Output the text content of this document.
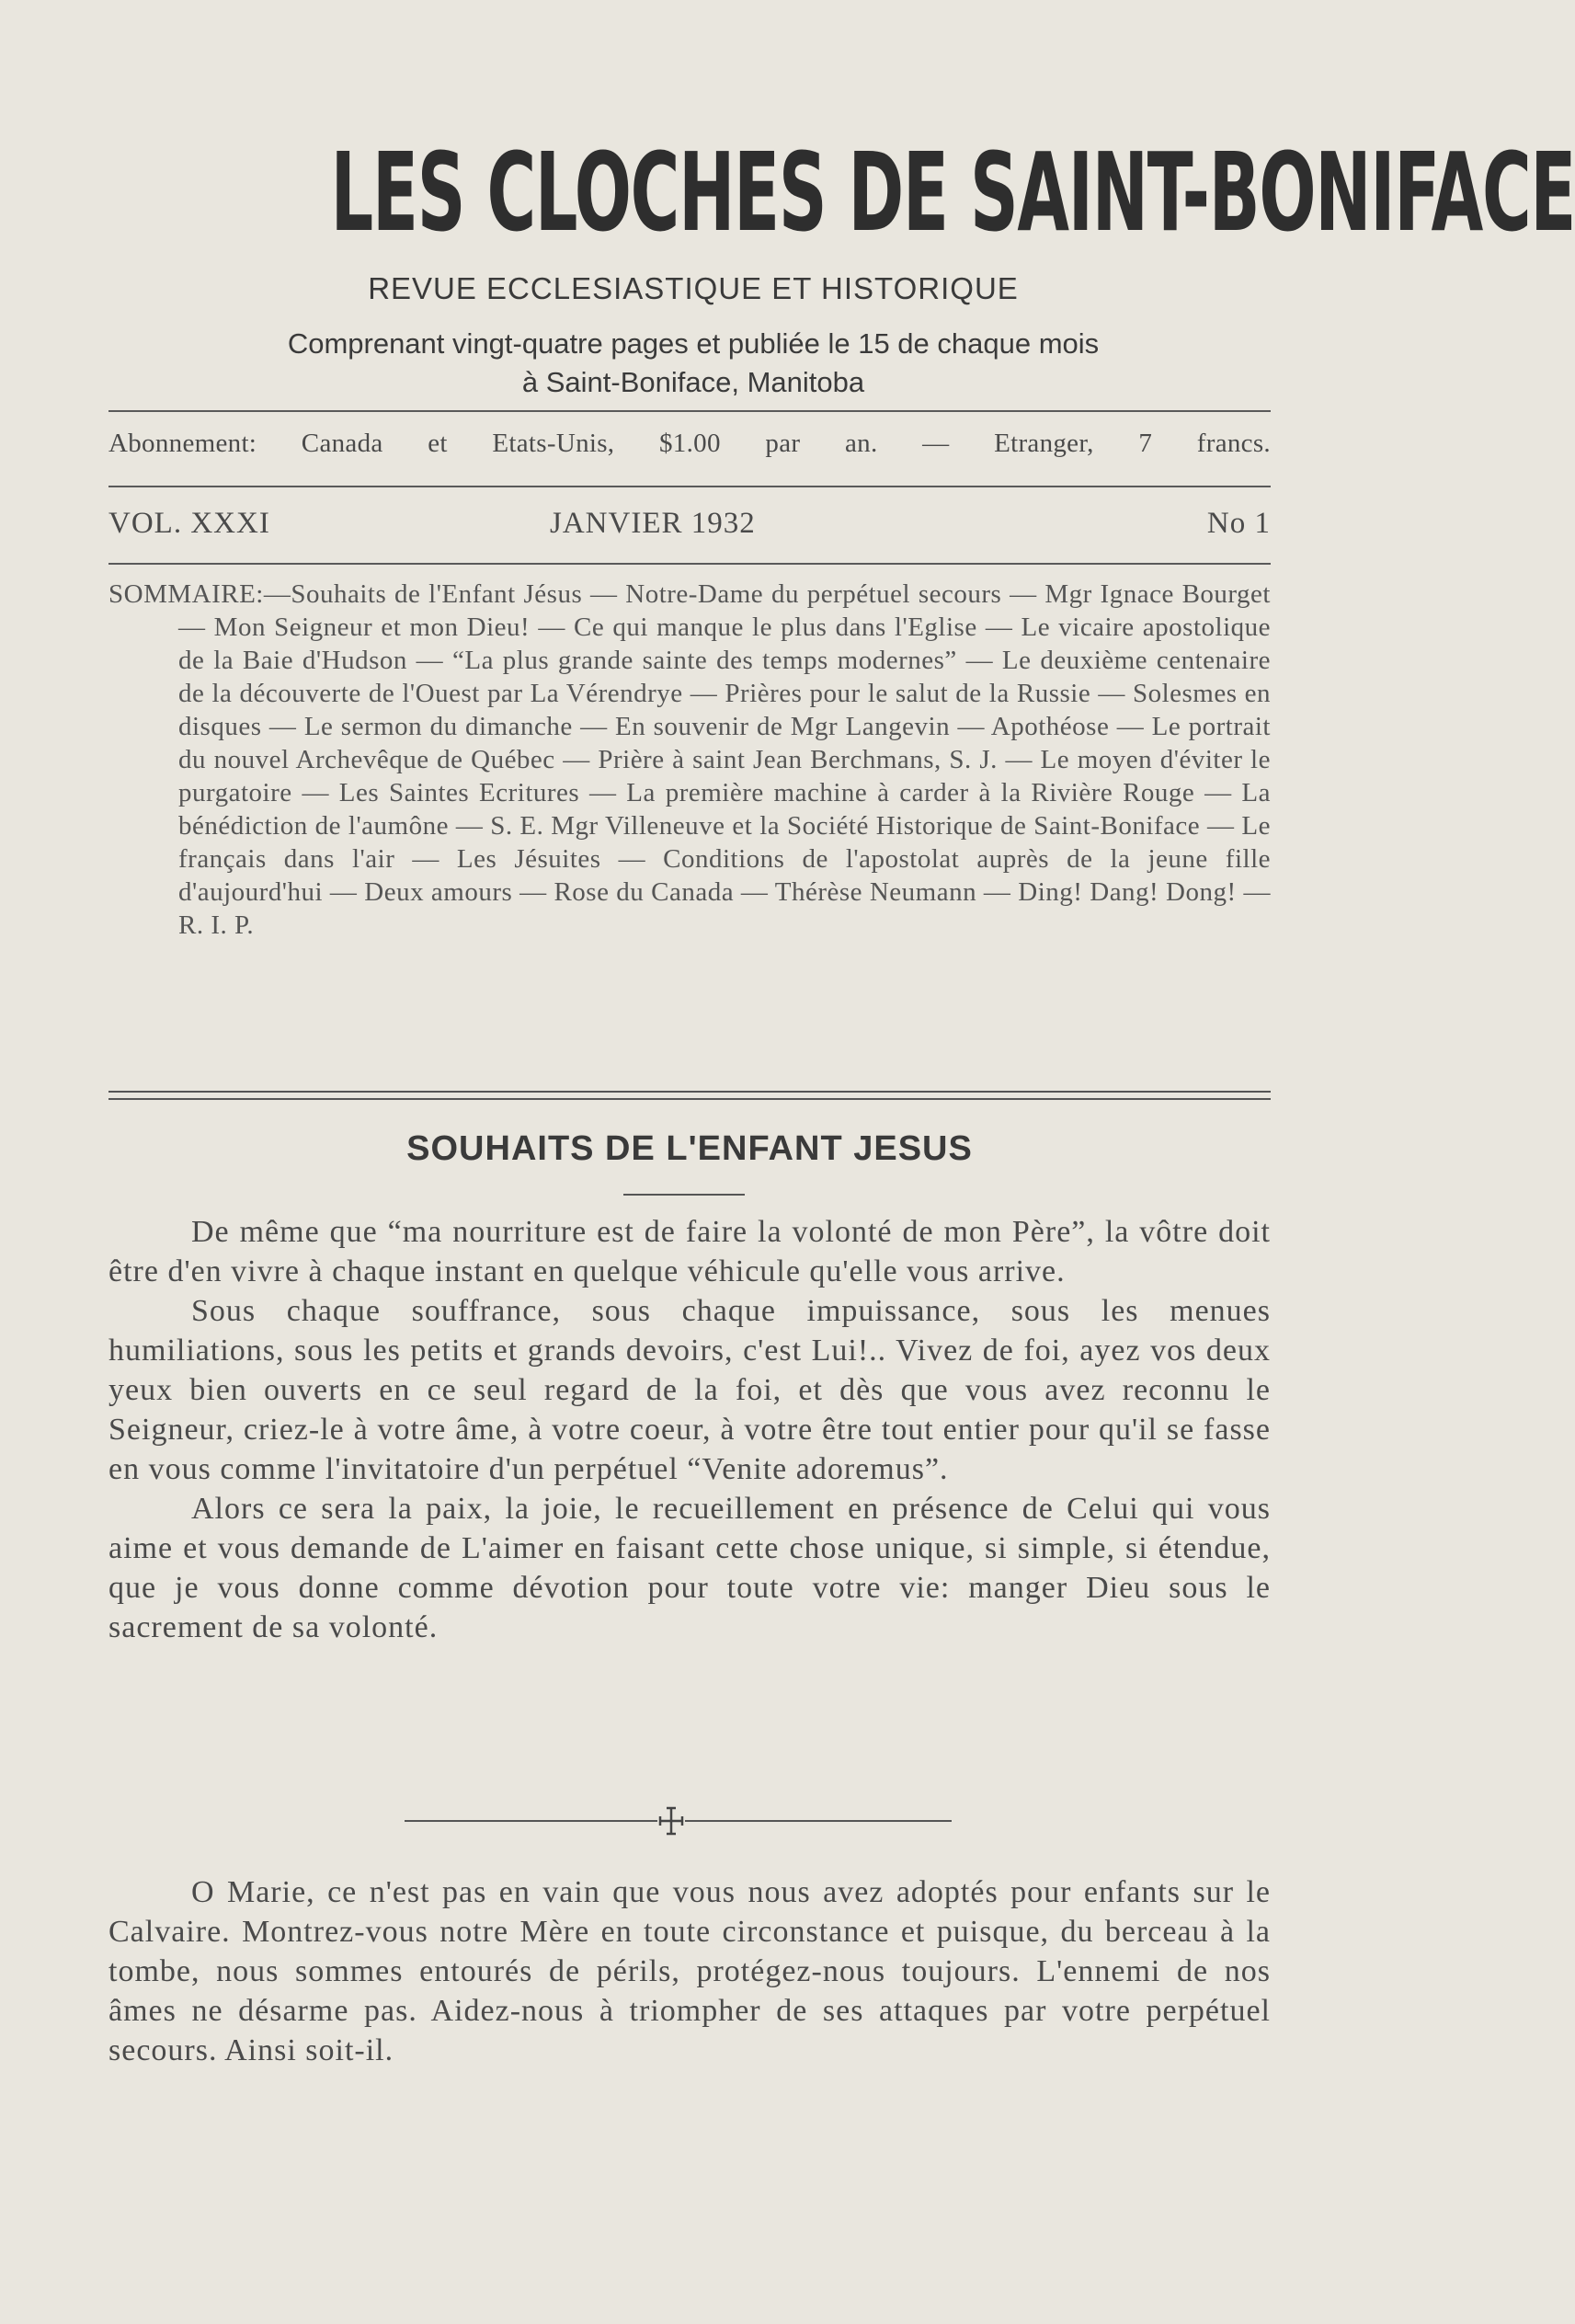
LES CLOCHES DE SAINT-BONIFACE
REVUE ECCLESIASTIQUE ET HISTORIQUE
Comprenant vingt-quatre pages et publiée le 15 de chaque mois
à Saint-Boniface, Manitoba
Abonnement: Canada et Etats-Unis, $1.00 par an. — Etranger, 7 francs.
VOL. XXXI	JANVIER 1932	No 1
SOMMAIRE:—Souhaits de l'Enfant Jésus — Notre-Dame du perpétuel secours — Mgr Ignace Bourget — Mon Seigneur et mon Dieu! — Ce qui manque le plus dans l'Eglise — Le vicaire apostolique de la Baie d'Hudson — “La plus grande sainte des temps modernes” — Le deuxième centenaire de la découverte de l'Ouest par La Vérendrye — Prières pour le salut de la Russie — Solesmes en disques — Le sermon du dimanche — En souvenir de Mgr Langevin — Apothéose — Le portrait du nouvel Archevêque de Québec — Prière à saint Jean Berchmans, S. J. — Le moyen d'éviter le purgatoire — Les Saintes Ecritures — La première machine à carder à la Rivière Rouge — La bénédiction de l'aumône — S. E. Mgr Villeneuve et la Société Historique de Saint-Boniface — Le français dans l'air — Les Jésuites — Conditions de l'apostolat auprès de la jeune fille d'aujourd'hui — Deux amours — Rose du Canada — Thérèse Neumann — Ding! Dang! Dong! — R. I. P.
SOUHAITS DE L'ENFANT JESUS

De même que “ma nourriture est de faire la volonté de mon Père”, la vôtre doit être d'en vivre à chaque instant en quelque véhicule qu'elle vous arrive.

Sous chaque souffrance, sous chaque impuissance, sous les menues humiliations, sous les petits et grands devoirs, c'est Lui!.. Vivez de foi, ayez vos deux yeux bien ouverts en ce seul regard de la foi, et dès que vous avez reconnu le Seigneur, criez-le à votre âme, à votre coeur, à votre être tout entier pour qu'il se fasse en vous comme l'invitatoire d'un perpétuel “Venite adoremus”.

Alors ce sera la paix, la joie, le recueillement en présence de Celui qui vous aime et vous demande de L'aimer en faisant cette chose unique, si simple, si étendue, que je vous donne comme dévotion pour toute votre vie: manger Dieu sous le sacrement de sa volonté.

O Marie, ce n'est pas en vain que vous nous avez adoptés pour enfants sur le Calvaire. Montrez-vous notre Mère en toute circonstance et puisque, du berceau à la tombe, nous sommes entourés de périls, protégez-nous toujours. L'ennemi de nos âmes ne désarme pas. Aidez-nous à triompher de ses attaques par votre perpétuel secours. Ainsi soit-il.
